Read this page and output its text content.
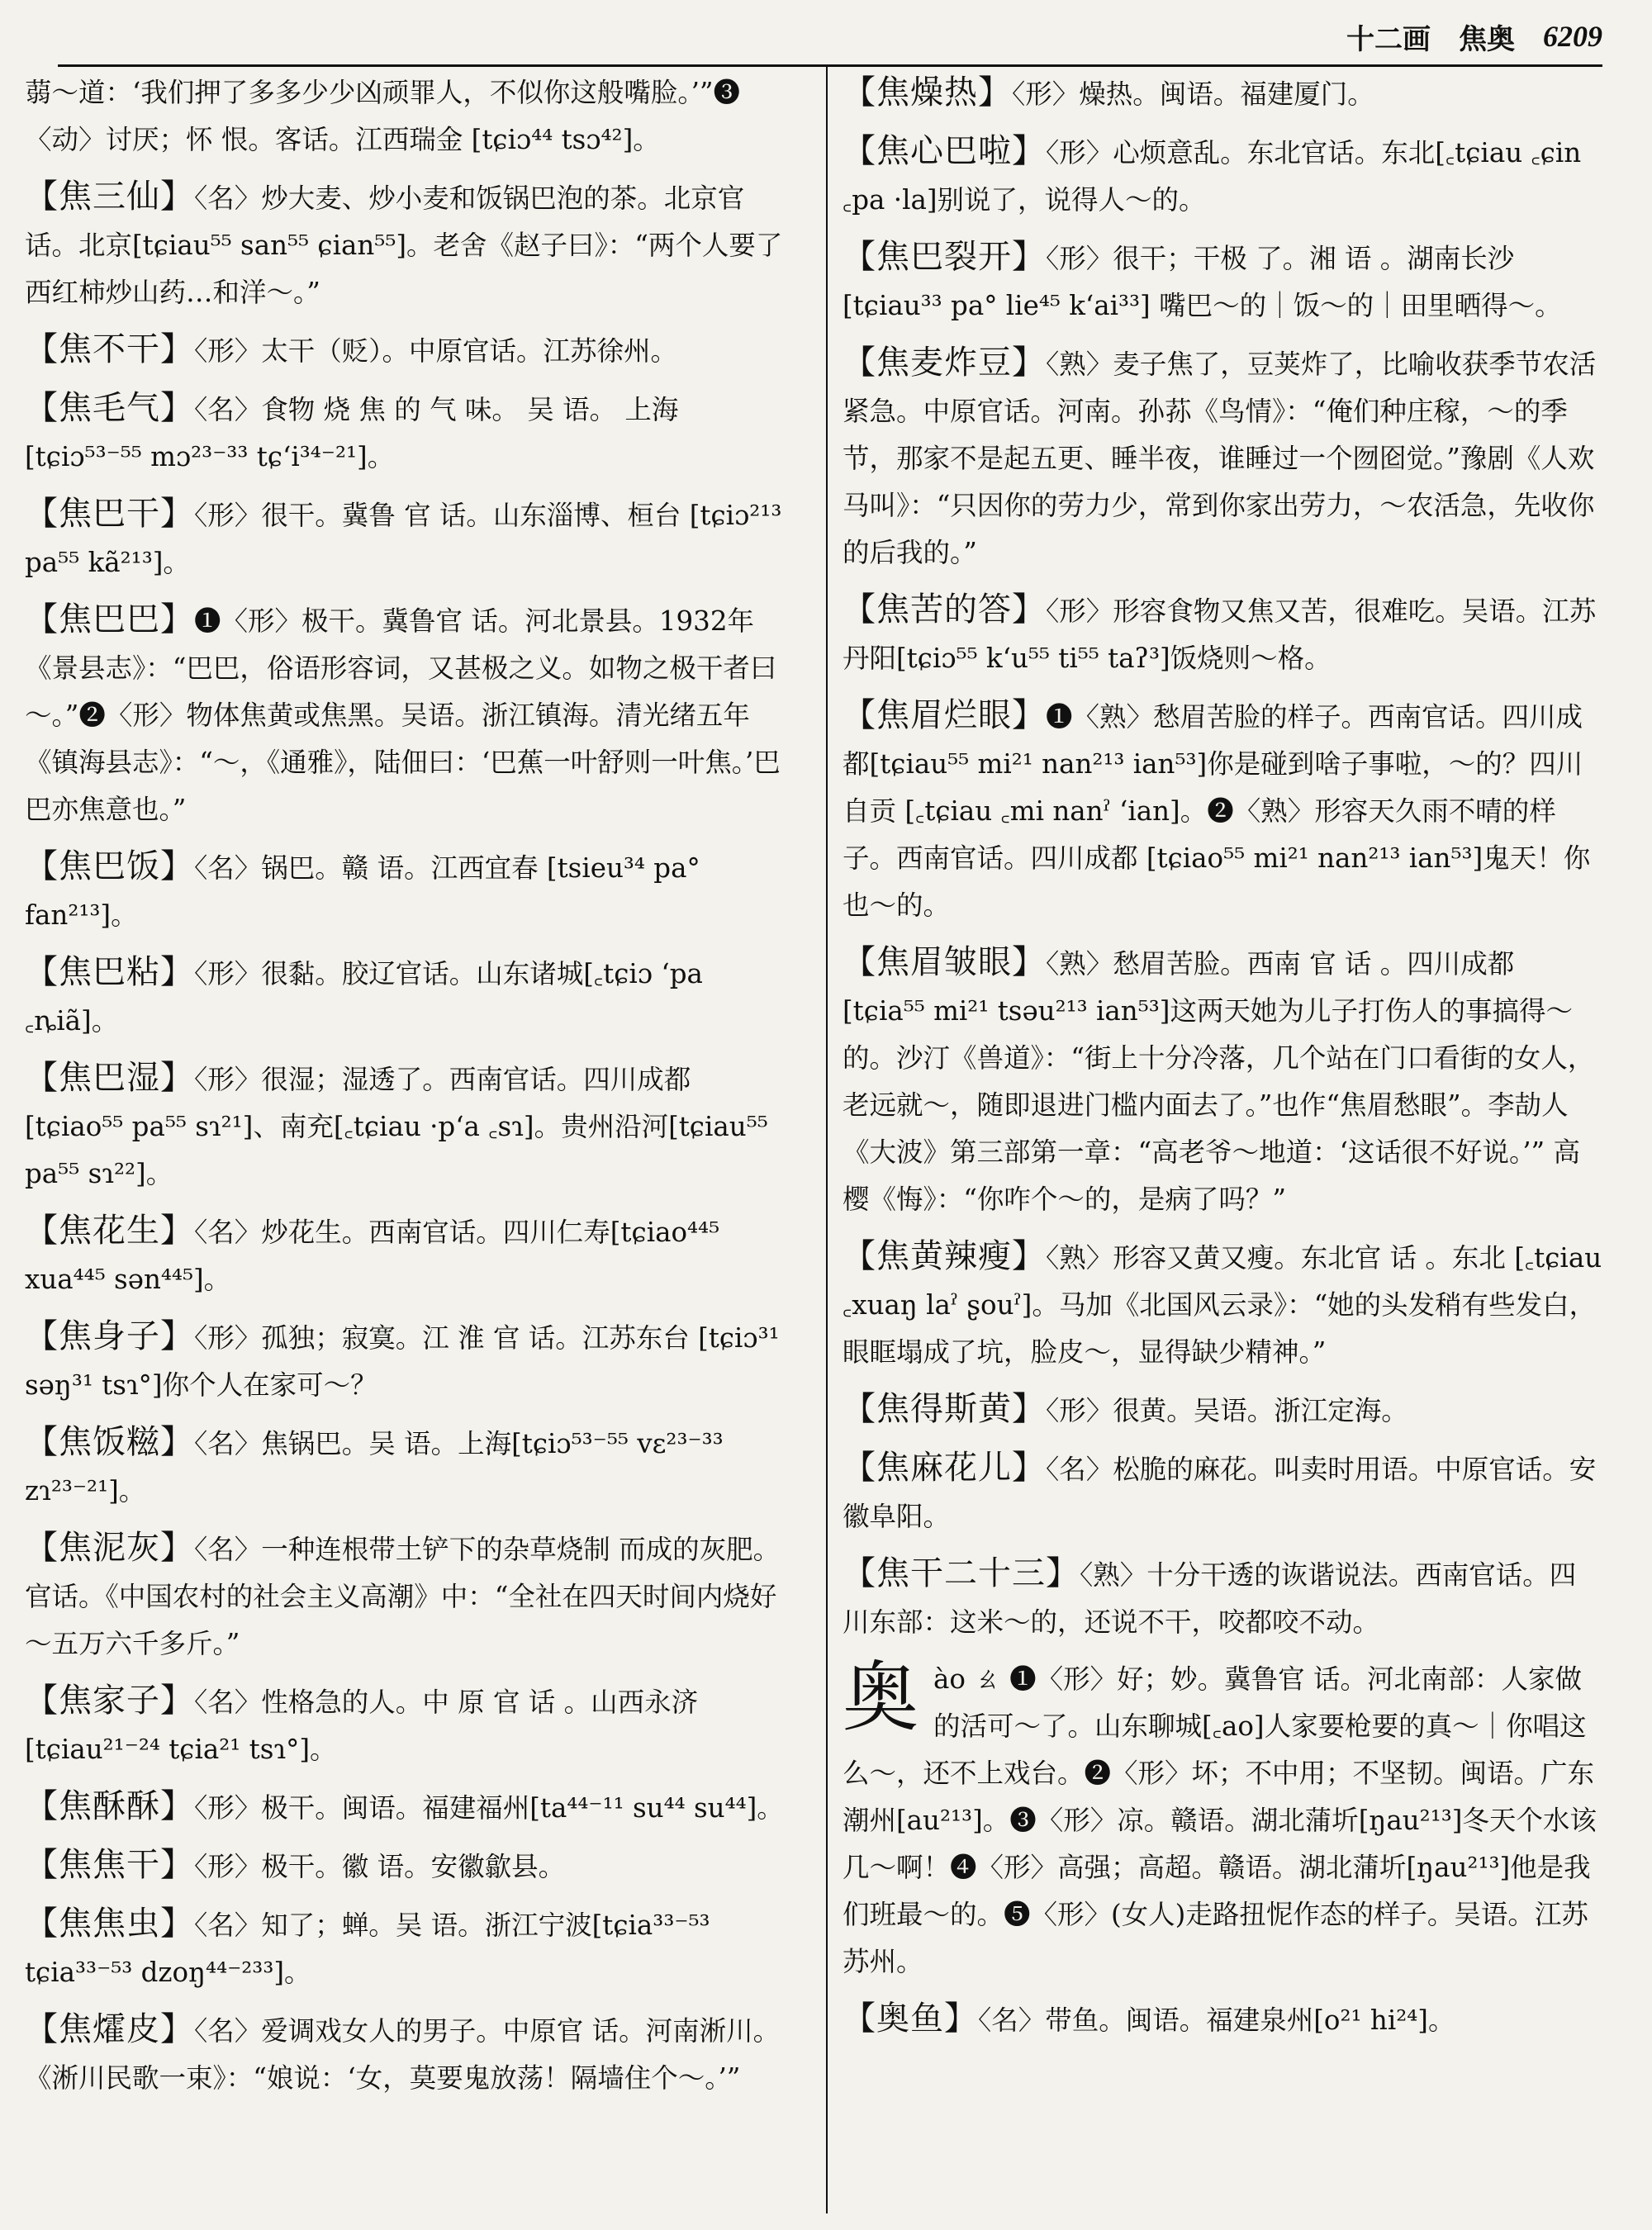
十二画 焦奥 6209

蒻～道：‘我们押了多多少少凶顽罪人，不似你这般嘴脸。’”❸〈动〉讨厌；怀 恨。客话。江西瑞金 [tɕiɔ⁴⁴ tsɔ⁴²]。

【焦三仙】〈名〉炒大麦、炒小麦和饭锅巴泡的茶。北京官话。北京[tɕiau⁵⁵ san⁵⁵ ɕian⁵⁵]。老舍《赵子曰》：“两个人要了西红柿炒山药…和洋～。”

【焦不干】〈形〉太干（贬）。中原官话。江苏徐州。

【焦毛气】〈名〉食物 烧 焦 的 气 味。 吴 语。 上海 [tɕiɔ⁵³⁻⁵⁵ mɔ²³⁻³³ tɕʻi³⁴⁻²¹]。

【焦巴干】〈形〉很干。冀鲁 官 话。山东淄博、桓台 [tɕiɔ²¹³ pa⁵⁵ kã²¹³]。

【焦巴巴】❶〈形〉极干。冀鲁官 话。河北景县。1932年《景县志》：“巴巴，俗语形容词，又甚极之义。如物之极干者曰～。”❷〈形〉物体焦黄或焦黑。吴语。浙江镇海。清光绪五年《镇海县志》：“～，《通雅》，陆佃曰：‘巴蕉一叶舒则一叶焦。’巴巴亦焦意也。”

【焦巴饭】〈名〉锅巴。赣 语。江西宜春 [tsieu³⁴ pa° fan²¹³]。

【焦巴粘】〈形〉很黏。胶辽官话。山东诸城[꜀tɕiɔ ʻpa ꜀ȵiã]。

【焦巴湿】〈形〉很湿；湿透了。西南官话。四川成都 [tɕiao⁵⁵ pa⁵⁵ sɿ²¹]、南充[꜀tɕiau ·pʻa ꜀sɿ]。贵州沿河[tɕiau⁵⁵ pa⁵⁵ sɿ²²]。

【焦花生】〈名〉炒花生。西南官话。四川仁寿[tɕiao⁴⁴⁵ xua⁴⁴⁵ sən⁴⁴⁵]。

【焦身子】〈形〉孤独；寂寞。江 淮 官 话。江苏东台 [tɕiɔ³¹ səŋ³¹ tsɿ°]你个人在家可～？

【焦饭糍】〈名〉焦锅巴。吴 语。上海[tɕiɔ⁵³⁻⁵⁵ vɛ²³⁻³³ zɿ²³⁻²¹]。

【焦泥灰】〈名〉一种连根带土铲下的杂草烧制 而成的灰肥。官话。《中国农村的社会主义高潮》中：“全社在四天时间内烧好～五万六千多斤。”

【焦家子】〈名〉性格急的人。中 原 官 话 。山西永济 [tɕiau²¹⁻²⁴ tɕia²¹ tsɿ°]。

【焦酥酥】〈形〉极干。闽语。福建福州[ta⁴⁴⁻¹¹ su⁴⁴ su⁴⁴]。

【焦焦干】〈形〉极干。徽 语。安徽歙县。

【焦焦虫】〈名〉知了；蝉。吴 语。浙江宁波[tɕia³³⁻⁵³ tɕia³³⁻⁵³ dzoŋ⁴⁴⁻²³³]。

【焦㸌皮】〈名〉爱调戏女人的男子。中原官 话。河南淅川。《淅川民歌一束》：“娘说：‘女，莫要鬼放荡！隔墙住个～。’”

【焦燥热】〈形〉燥热。闽语。福建厦门。

【焦心巴啦】〈形〉心烦意乱。东北官话。东北[꜀tɕiau ꜀ɕin ꜀pa ·la]别说了，说得人～的。

【焦巴裂开】〈形〉很干；干极 了。湘 语 。湖南长沙 [tɕiau³³ pa° lie⁴⁵ kʻai³³] 嘴巴～的｜饭～的｜田里晒得～。

【焦麦炸豆】〈熟〉麦子焦了，豆荚炸了，比喻收获季节农活紧急。中原官话。河南。孙荪《鸟情》：“俺们种庄稼，～的季节，那家不是起五更、睡半夜，谁睡过一个囫囵觉。”豫剧《人欢马叫》：“只因你的劳力少，常到你家出劳力，～农活急，先收你的后我的。”

【焦苦的答】〈形〉形容食物又焦又苦，很难吃。吴语。江苏丹阳[tɕiɔ⁵⁵ kʻu⁵⁵ ti⁵⁵ taʔ³]饭烧则～格。

【焦眉烂眼】❶〈熟〉愁眉苦脸的样子。西南官话。四川成都[tɕiau⁵⁵ mi²¹ nan²¹³ ian⁵³]你是碰到啥子事啦，～的？四川自贡 [꜀tɕiau ꜀mi nanˀ ʻian]。❷〈熟〉形容天久雨不晴的样子。西南官话。四川成都 [tɕiao⁵⁵ mi²¹ nan²¹³ ian⁵³]鬼天！你也～的。

【焦眉皱眼】〈熟〉愁眉苦脸。西南 官 话 。四川成都 [tɕia⁵⁵ mi²¹ tsəu²¹³ ian⁵³]这两天她为儿子打伤人的事搞得～的。沙汀《兽道》：“街上十分冷落，几个站在门口看街的女人，老远就～，随即退进门槛内面去了。”也作“焦眉愁眼”。李劼人《大波》第三部第一章：“高老爷～地道：‘这话很不好说。’” 高樱《悔》：“你咋个～的，是病了吗？”

【焦黄辣瘦】〈熟〉形容又黄又瘦。东北官 话 。东北 [꜀tɕiau ꜀xuaŋ laˀ ʂouˀ]。马加《北国风云录》：“她的头发稍有些发白，眼眶塌成了坑，脸皮～，显得缺少精神。”

【焦得斯黄】〈形〉很黄。吴语。浙江定海。

【焦麻花儿】〈名〉松脆的麻花。叫卖时用语。中原官话。安徽阜阳。

【焦干二十三】〈熟〉十分干透的诙谐说法。西南官话。四川东部：这米～的，还说不干，咬都咬不动。

奥ào ㄠ ❶〈形〉好；妙。冀鲁官 话。河北南部：人家做的活可～了。山东聊城[꜀ao]人家要枪要的真～｜你唱这么～，还不上戏台。❷〈形〉坏；不中用；不坚韧。闽语。广东潮州[au²¹³]。❸〈形〉凉。赣语。湖北蒲圻[ŋau²¹³]冬天个水该几～啊！❹〈形〉高强；高超。赣语。湖北蒲圻[ŋau²¹³]他是我们班最～的。❺〈形〉(女人)走路扭怩作态的样子。吴语。江苏苏州。

【奥鱼】〈名〉带鱼。闽语。福建泉州[o²¹ hi²⁴]。
